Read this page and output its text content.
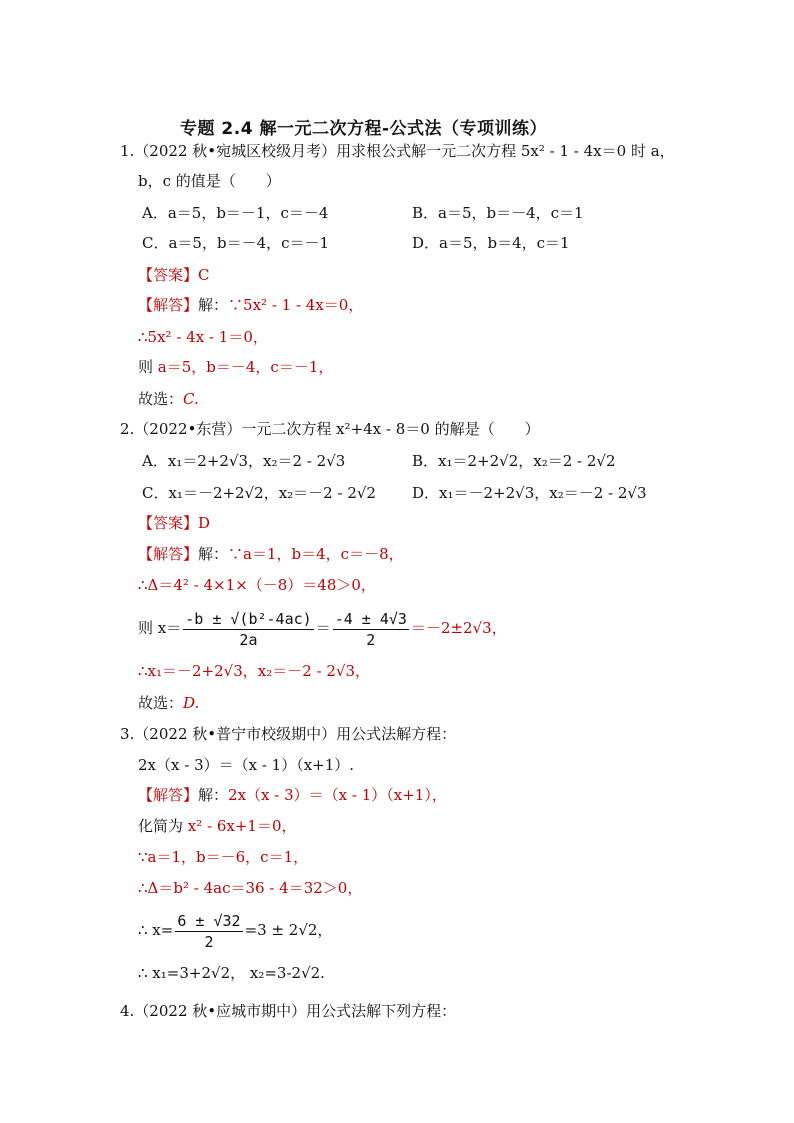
专题 2.4 解一元二次方程-公式法（专项训练）
1.（2022 秋•宛城区校级月考）用求根公式解一元二次方程 5x² - 1 - 4x＝0 时 a，
b，c 的值是（　　）
A．a＝5，b＝－1，c＝－4	B．a＝5，b＝－4，c＝1
C．a＝5，b＝－4，c＝－1	D．a＝5，b＝4，c＝1
【答案】C
【解答】解：∵5x² - 1 - 4x＝0，
∴5x² - 4x - 1＝0，
则 a＝5，b＝－4，c＝－1，
故选：C.
2.（2022•东营）一元二次方程 x²+4x - 8＝0 的解是（　　）
A．x₁＝2+2√3，x₂＝2 - 2√3	B．x₁＝2+2√2，x₂＝2 - 2√2
C．x₁＝－2+2√2，x₂＝－2 - 2√2 D．x₁＝－2+2√3，x₂＝－2 - 2√3
【答案】D
【解答】解：∵a＝1，b＝4，c＝－8，
∴Δ＝4² - 4×1×（－8）＝48＞0，
则 $x= \frac{\text{-b ± √(b²-4ac)}}{2a} = \frac{-4 \pm 4√3}{2} =-2\pm 2√3$，
∴x₁＝－2+2√3，x₂＝－2 - 2√3，
故选：D.
3.（2022 秋•普宁市校级期中）用公式法解方程：
2x（x - 3）＝（x - 1）（x+1）.
【解答】解：2x（x - 3）＝（x - 1）（x+1），
化简为 x² - 6x+1＝0，
∵a＝1，b＝－6，c＝1，
∴Δ＝b² - 4ac＝36 - 4＝32＞0，
∴ $x= \frac{6 \pm √32}{2} =3 \pm 2√2$，
∴ x₁=3+2√2， x₂=3-2√2.
4.（2022 秋•应城市期中）用公式法解下列方程：
